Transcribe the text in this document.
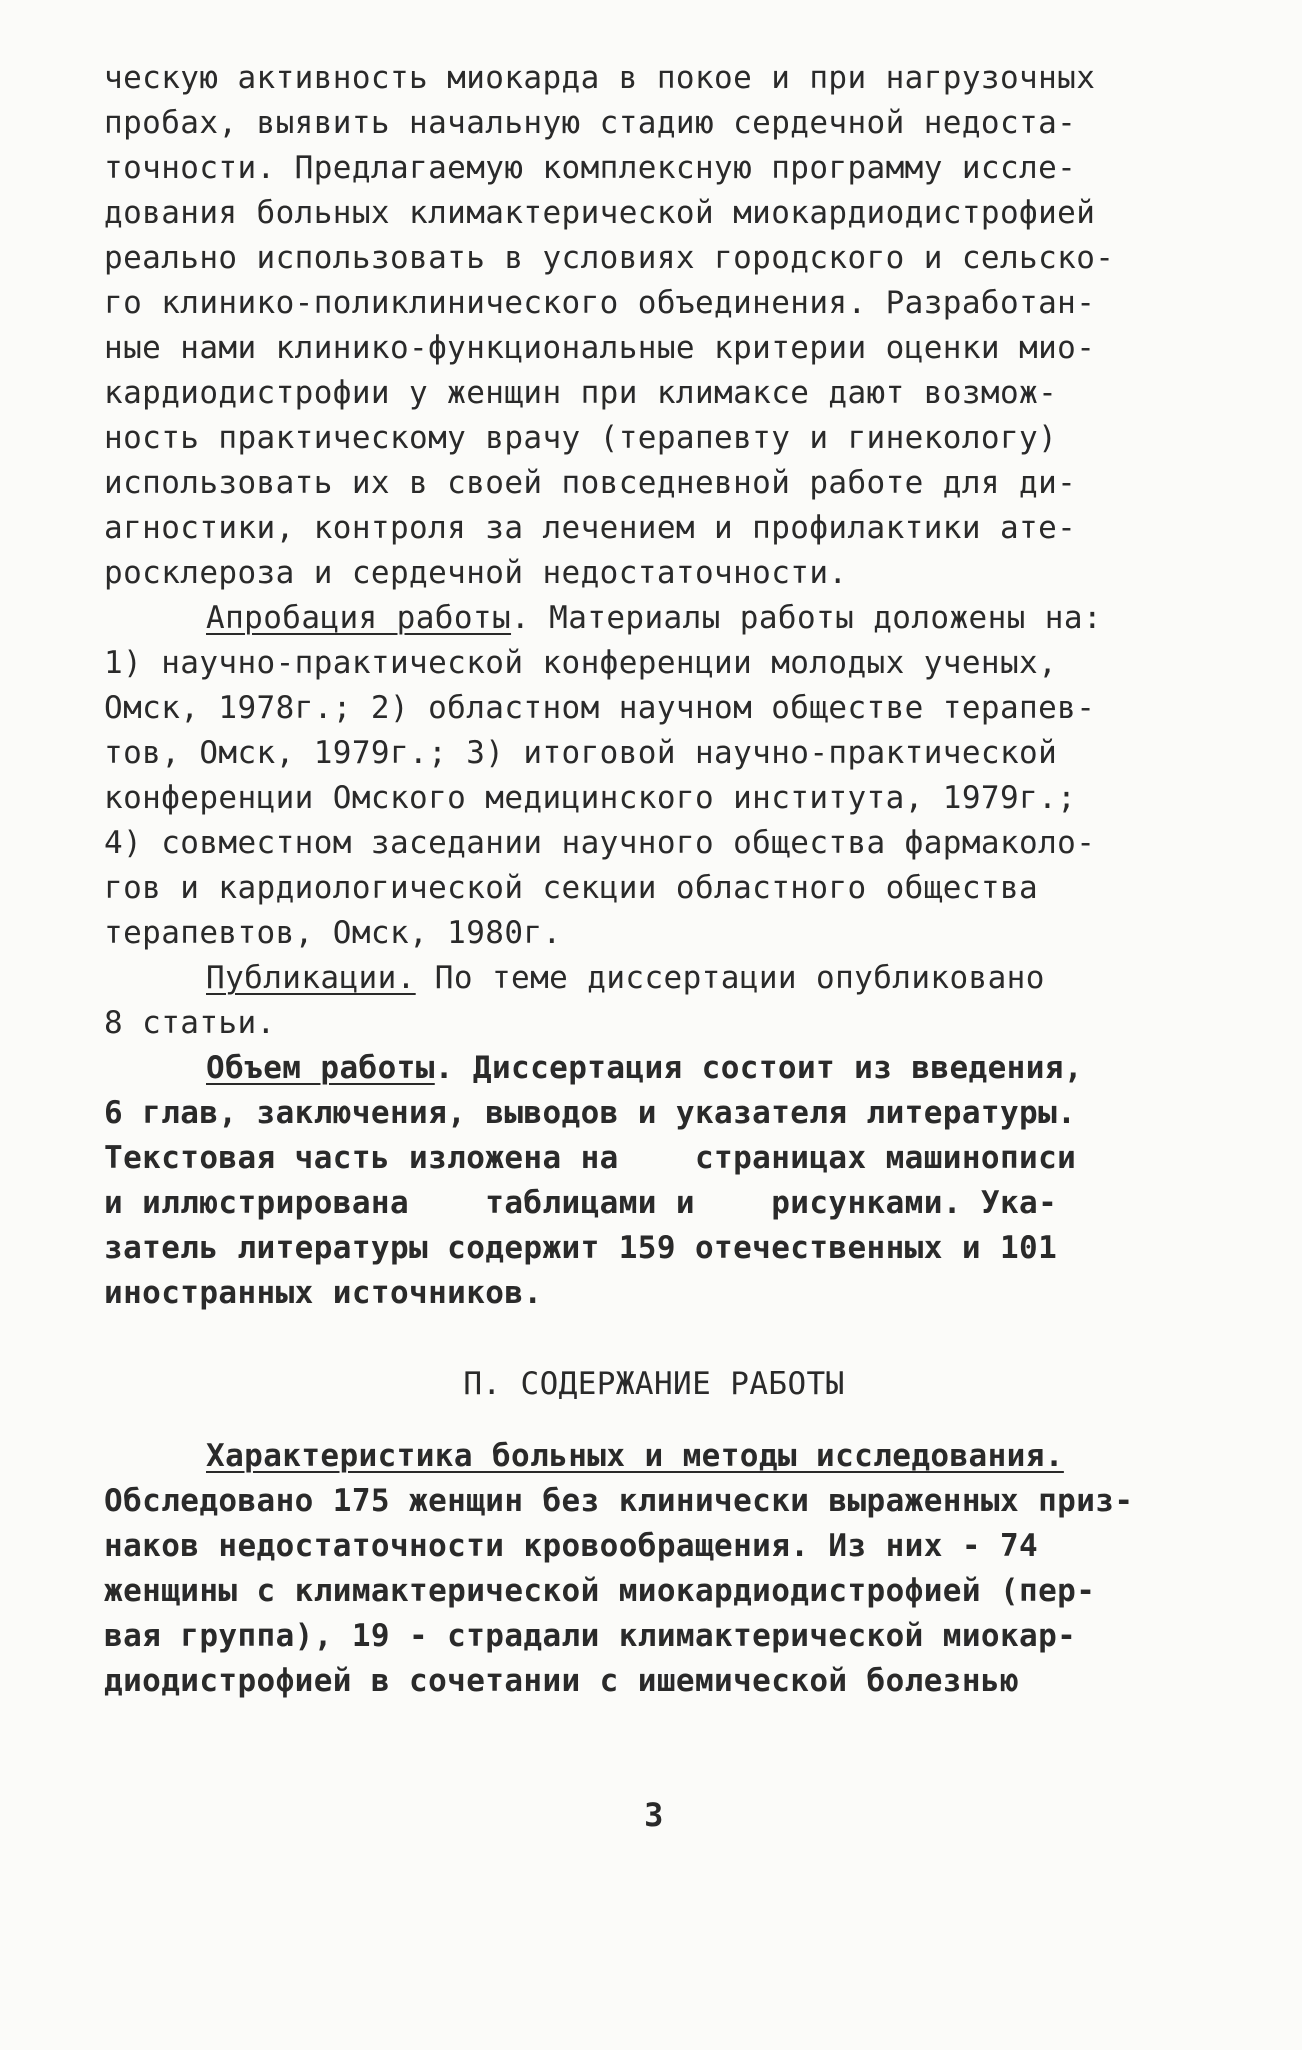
ческую активность миокарда в покое и при нагрузочных
пробах, выявить начальную стадию сердечной недоста-
точности. Предлагаемую комплексную программу иссле-
дования больных климактерической миокардиодистрофией
реально использовать в условиях городского и сельско-
го клинико-поликлинического объединения. Разработан-
ные нами клинико-функциональные критерии оценки мио-
кардиодистрофии у женщин при климаксе дают возмож-
ность практическому врачу (терапевту и гинекологу)
использовать их в своей повседневной работе для ди-
агностики, контроля за лечением и профилактики ате-
росклероза и сердечной недостаточности.
Апробация работы. Материалы работы доложены на:
1) научно-практической конференции молодых ученых,
Омск, 1978г.; 2) областном научном обществе терапев-
тов, Омск, 1979г.; 3) итоговой научно-практической
конференции Омского медицинского института, 1979г.;
4) совместном заседании научного общества фармаколо-
гов и кардиологической секции областного общества
терапевтов, Омск, 1980г.
Публикации. По теме диссертации опубликовано
8 статьи.
Объем работы. Диссертация состоит из введения,
6 глав, заключения, выводов и указателя литературы.
Текстовая часть изложена на    страницах машинописи
и иллюстрирована    таблицами и    рисунками. Ука-
затель литературы содержит 159 отечественных и 101
иностранных источников.
П. СОДЕРЖАНИЕ РАБОТЫ
Характеристика больных и методы исследования.
Обследовано 175 женщин без клинически выраженных приз-
наков недостаточности кровообращения. Из них - 74
женщины с климактерической миокардиодистрофией (пер-
вая группа), 19 - страдали климактерической миокар-
диодистрофией в сочетании с ишемической болезнью
3
